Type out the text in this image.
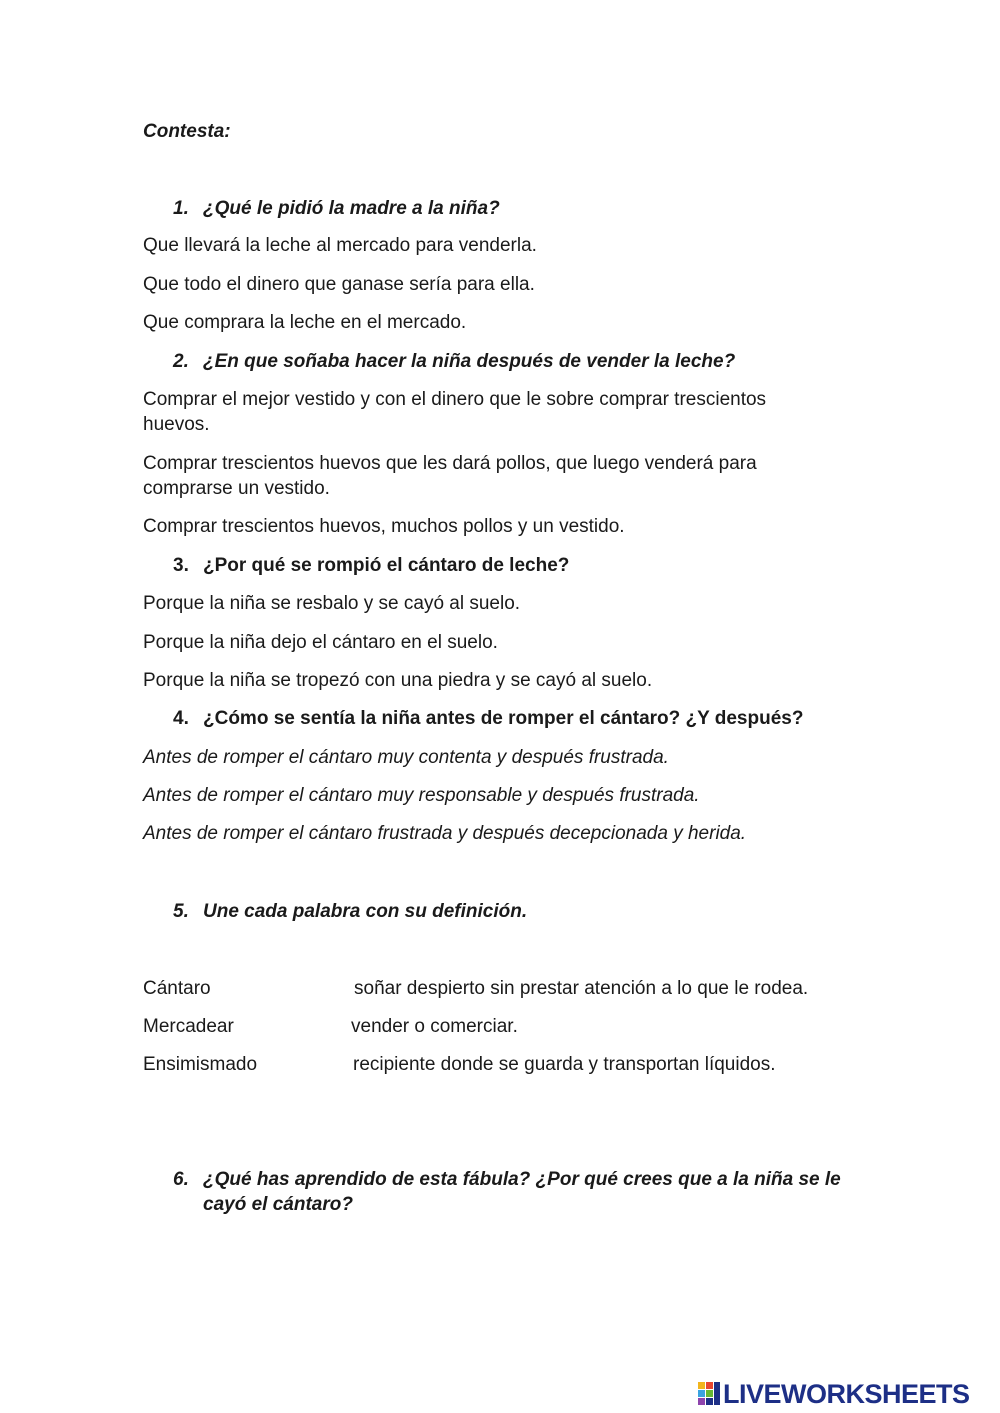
Contesta:
1. ¿Qué le pidió la madre a la niña?
Que llevará la leche al mercado para venderla.
Que todo el dinero que ganase sería para ella.
Que comprara la leche en el mercado.
2. ¿En que soñaba hacer la niña después de vender la leche?
Comprar el mejor vestido y con el dinero que le sobre comprar trescientos huevos.
Comprar trescientos huevos que les dará pollos, que luego venderá para comprarse un vestido.
Comprar trescientos huevos, muchos pollos y un vestido.
3. ¿Por qué se rompió el cántaro de leche?
Porque la niña se resbalo y se cayó al suelo.
Porque la niña dejo el cántaro en el suelo.
Porque la niña se tropezó con una piedra y se cayó al suelo.
4. ¿Cómo se sentía la niña antes de romper el cántaro? ¿Y después?
Antes de romper el cántaro muy contenta y después frustrada.
Antes de romper el cántaro muy responsable y después frustrada.
Antes de romper el cántaro frustrada y después decepcionada y herida.
5. Une cada palabra con su definición.
Cántaro
Mercadear
Ensimismado
soñar despierto sin prestar atención a lo que le rodea.
vender o comerciar.
recipiente donde se guarda y transportan líquidos.
6. ¿Qué has aprendido de esta fábula? ¿Por qué crees que a la niña se le cayó el cántaro?
LIVEWORKSHEETS
